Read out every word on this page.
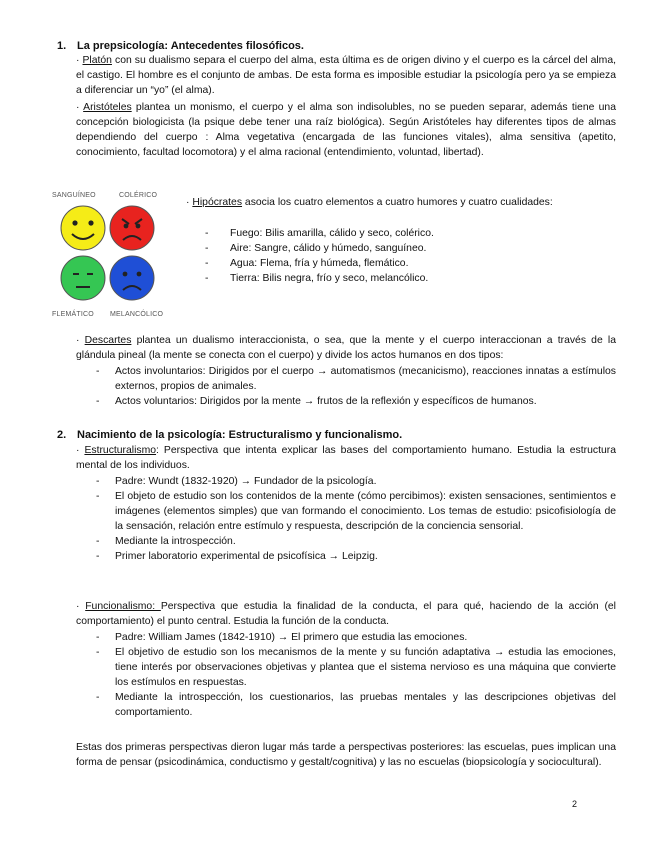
1. La prepsicología: Antecedentes filosóficos.
· Platón con su dualismo separa el cuerpo del alma, esta última es de origen divino y el cuerpo es la cárcel del alma, el castigo. El hombre es el conjunto de ambas. De esta forma es imposible estudiar la psicología pero ya se empieza a diferenciar un “yo” (el alma).
· Aristóteles plantea un monismo, el cuerpo y el alma son indisolubles, no se pueden separar, además tiene una concepción biologicista (la psique debe tener una raíz biológica). Según Aristóteles hay diferentes tipos de almas dependiendo del cuerpo : Alma vegetativa (encargada de las funciones vitales), alma sensitiva (apetito, conocimiento, facultad locomotora) y el alma racional (entendimiento, voluntad, libertad).
SANGUÍNEO	COLÉRICO
FLEMÁTICO MELANCÓLICO
· Hipócrates asocia los cuatro elementos a cuatro humores y cuatro cualidades:
- Fuego: Bilis amarilla, cálido y seco, colérico.
- Aire: Sangre, cálido y húmedo, sanguíneo.
- Agua: Flema, fría y húmeda, flemático.
- Tierra: Bilis negra, frío y seco, melancólico.
· Descartes plantea un dualismo interaccionista, o sea, que la mente y el cuerpo interaccionan a través de la glándula pineal (la mente se conecta con el cuerpo) y divide los actos humanos en dos tipos:
- Actos involuntarios: Dirigidos por el cuerpo → automatismos (mecanicismo), reacciones innatas a estímulos externos, propios de animales.
- Actos voluntarios: Dirigidos por la mente → frutos de la reflexión y específicos de humanos.
2. Nacimiento de la psicología: Estructuralismo y funcionalismo.
· Estructuralismo: Perspectiva que intenta explicar las bases del comportamiento humano. Estudia la estructura mental de los individuos.
- Padre: Wundt (1832-1920) → Fundador de la psicología.
- El objeto de estudio son los contenidos de la mente (cómo percibimos): existen sensaciones, sentimientos e imágenes (elementos simples) que van formando el conocimiento. Los temas de estudio: psicofisiología de la sensación, relación entre estímulo y respuesta, descripción de la conciencia sensorial.
- Mediante la introspección.
- Primer laboratorio experimental de psicofísica → Leipzig.
· Funcionalismo: Perspectiva que estudia la finalidad de la conducta, el para qué, haciendo de la acción (el comportamiento) el punto central. Estudia la función de la conducta.
- Padre: William James (1842-1910) → El primero que estudia las emociones.
- El objetivo de estudio son los mecanismos de la mente y su función adaptativa → estudia las emociones, tiene interés por observaciones objetivas y plantea que el sistema nervioso es una máquina que convierte los estímulos en respuestas.
- Mediante la introspección, los cuestionarios, las pruebas mentales y las descripciones objetivas del comportamiento.
Estas dos primeras perspectivas dieron lugar más tarde a perspectivas posteriores: las escuelas, pues implican una forma de pensar (psicodinámica, conductismo y gestalt/cognitiva) y las no escuelas (biopsicología y sociocultural).
2
